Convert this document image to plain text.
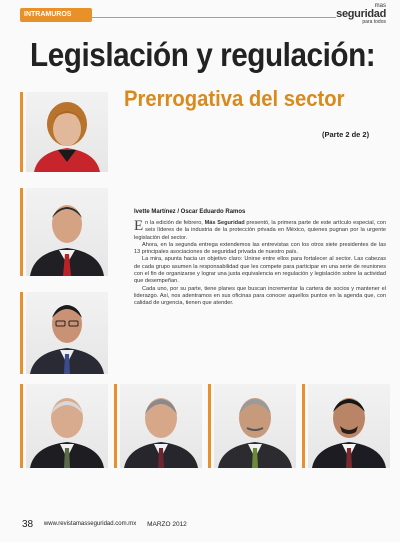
INTRAMUROS
mas
seguridad
para todos
Legislación y regulación:
Prerrogativa del sector
(Parte 2 de 2)
Ivette Martínez / Oscar Eduardo Ramos

En la edición de febrero, Más Seguridad presentó, la primera parte de este artículo especial, con seis líderes de la industria de la protección privada en México, quienes pugnan por la urgente legislación del sector.

Ahora, en la segunda entrega extendemos las entrevistas con los otros siete presidentes de las 13 principales asociaciones de seguridad privada de nuestro país.

La mira, apunta hacia un objetivo claro: Unirse entre ellos para fortalecer al sector. Las cabezas de cada grupo asumen la responsabilidad que les compete para participar en una serie de reuniones con el fin de organizarse y lograr una justa equivalencia en regulación y legislación sobre la actividad que desempeñan.

Cada uno, por su parte, tiene planes que buscan incrementar la cartera de socios y mantener el liderazgo. Así, nos adentramos en sus oficinas para conocer aquellos puntos en la agenda que, con calidad de urgencia, tienen que atender.

38 $^{www.revistamasseguridad.com.mx}$ MARZO 2012
